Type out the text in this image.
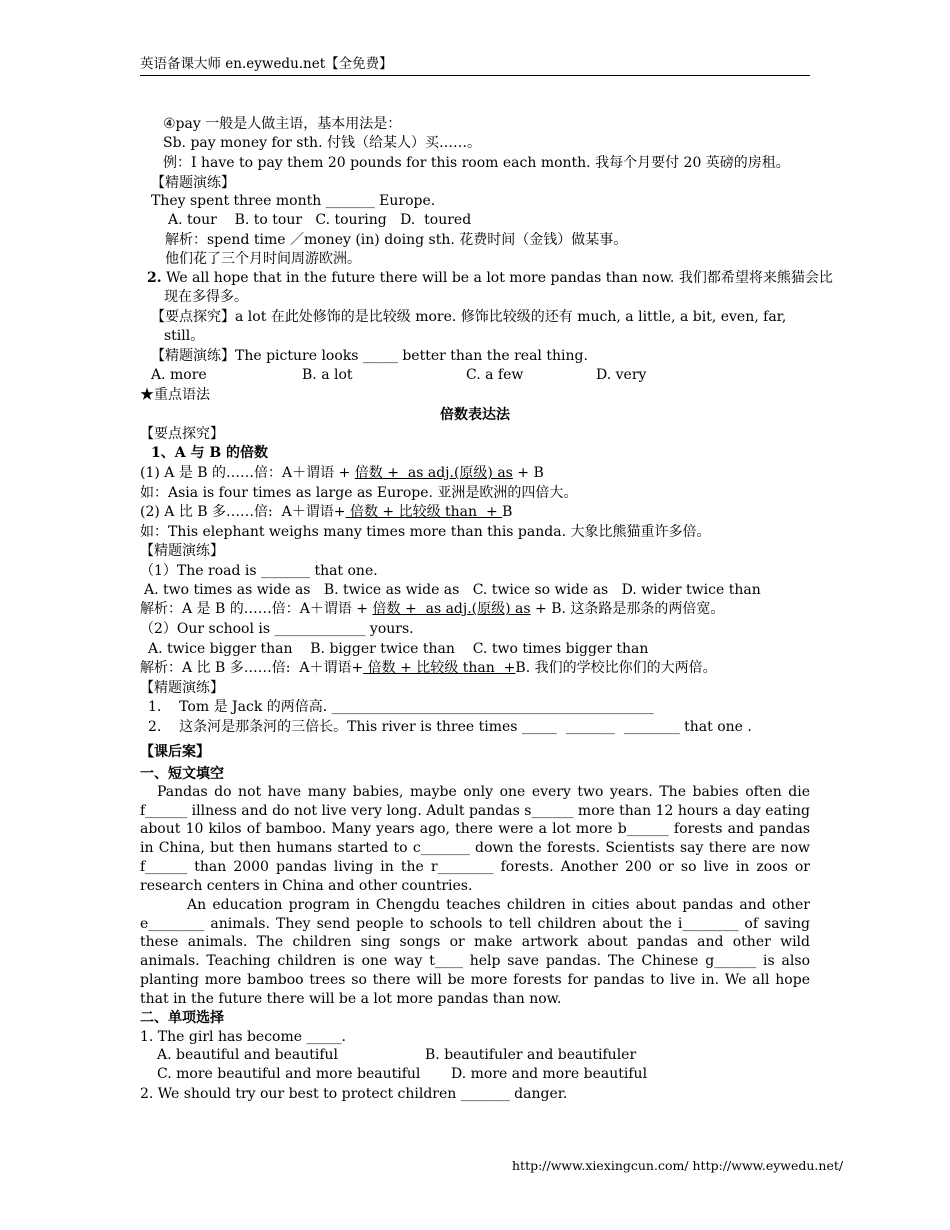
英语备课大师 en.eywedu.net【全免费】
④pay 一般是人做主语，基本用法是：
Sb. pay money for sth. 付钱（给某人）买……。
例：I have to pay them 20 pounds for this room each month. 我每个月要付 20 英磅的房租。
【精题演练】
They spent three month _______ Europe.
A. tour    B. to tour   C. touring   D.  toured
解析：spend time ／money (in) doing sth. 花费时间（金钱）做某事。
他们花了三个月时间周游欧洲。
2. We all hope that in the future there will be a lot more pandas than now. 我们都希望将来熊猫会比
现在多得多。
【要点探究】a lot 在此处修饰的是比较级 more. 修饰比较级的还有 much, a little, a bit, even, far,
still。
【精题演练】The picture looks _____ better than the real thing.
A. more	B. a lot	C. a few	D. very
★重点语法
倍数表达法
【要点探究】
1、A 与 B 的倍数
(1) A 是 B 的……倍：A＋谓语 + 倍数 +  as adj.(原级) as + B
如：Asia is four times as large as Europe. 亚洲是欧洲的四倍大。
(2) A 比 B 多……倍:  A＋谓语+ 倍数 + 比较级 than  + B
如：This elephant weighs many times more than this panda. 大象比熊猫重许多倍。
【精题演练】
（1）The road is _______ that one.
A. two times as wide as   B. twice as wide as   C. twice so wide as   D. wider twice than
解析：A 是 B 的……倍：A＋谓语 + 倍数 +  as adj.(原级) as + B. 这条路是那条的两倍宽。
（2）Our school is _____________ yours.
A. twice bigger than    B. bigger twice than    C. two times bigger than
解析：A 比 B 多……倍:  A＋谓语+ 倍数 + 比较级 than  +B. 我们的学校比你们的大两倍。
【精题演练】
1.    Tom 是 Jack 的两倍高. ______________________________________________
2.    这条河是那条河的三倍长。This river is three times _____  _______  ________ that one .
【课后案】
一、短文填空

Pandas do not have many babies, maybe only one every two years. The babies often die f______ illness and do not live very long. Adult pandas s______ more than 12 hours a day eating about 10 kilos of bamboo. Many years ago, there were a lot more b______ forests and pandas in China, but then humans started to c_______ down the forests. Scientists say there are now f______ than 2000 pandas living in the r________ forests. Another 200 or so live in zoos or research centers in China and other countries.

An education program in Chengdu teaches children in cities about pandas and other e________ animals. They send people to schools to tell children about the i________ of saving these animals. The children sing songs or make artwork about pandas and other wild animals. Teaching children is one way t____ help save pandas. The Chinese g______ is also planting more bamboo trees so there will be more forests for pandas to live in. We all hope that in the future there will be a lot more pandas than now.

二、单项选择
1. The girl has become _____.
A. beautiful and beautiful	B. beautifuler and beautifuler
C. more beautiful and more beautiful D. more and more beautiful
2. We should try our best to protect children _______ danger.
http://www.xiexingcun.com/ http://www.eywedu.net/
